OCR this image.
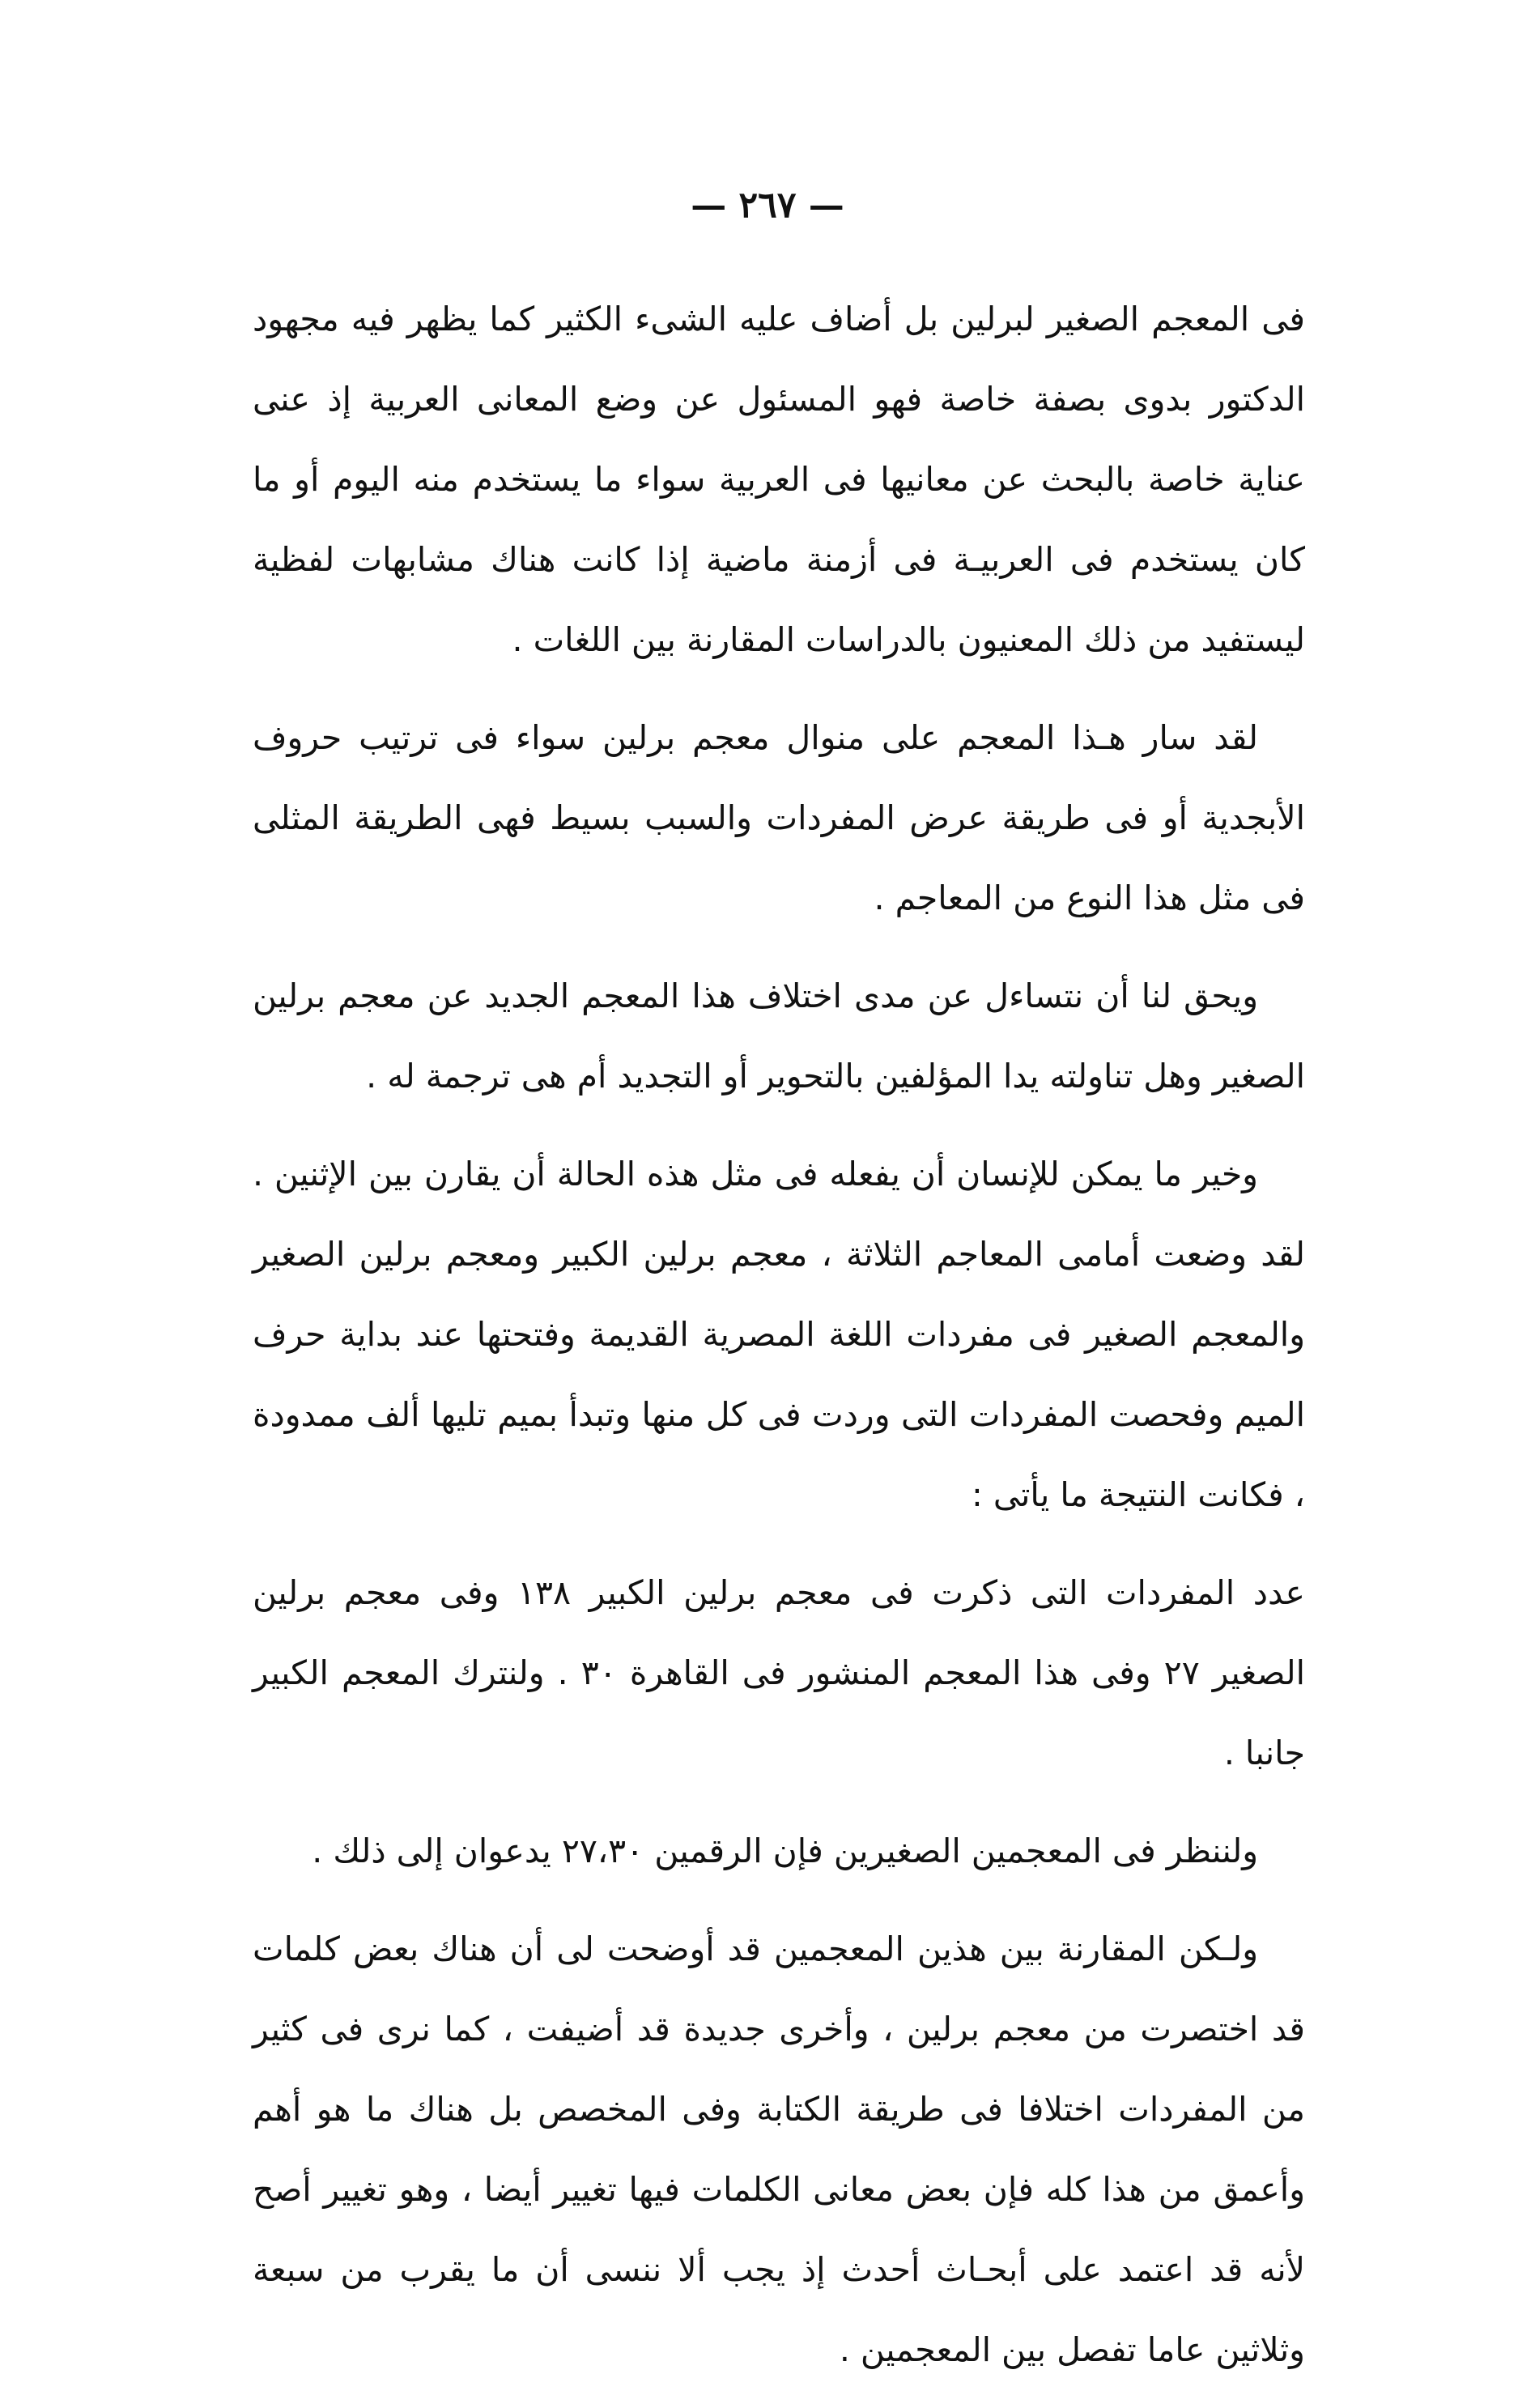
— ٢٦٧ —

فى المعجم الصغير لبرلين بل أضاف عليه الشىء الكثير كما يظهر فيه مجهود الدكتور بدوى بصفة خاصة فهو المسئول عن وضع المعانى العربية إذ عنى عناية خاصة بالبحث عن معانيها فى العربية سواء ما يستخدم منه اليوم أو ما كان يستخدم فى العربيـة فى أزمنة ماضية إذا كانت هناك مشابهات لفظية ليستفيد من ذلك المعنيون بالدراسات المقارنة بين اللغات .

لقد سار هـذا المعجم على منوال معجم برلين سواء فى ترتيب حروف الأبجدية أو فى طريقة عرض المفردات والسبب بسيط فهى الطريقة المثلى فى مثل هذا النوع من المعاجم .

ويحق لنا أن نتساءل عن مدى اختلاف هذا المعجم الجديد عن معجم برلين الصغير وهل تناولته يدا المؤلفين بالتحوير أو التجديد أم هى ترجمة له .

وخير ما يمكن للإنسان أن يفعله فى مثل هذه الحالة أن يقارن بين الإثنين . لقد وضعت أمامى المعاجم الثلاثة ، معجم برلين الكبير ومعجم برلين الصغير والمعجم الصغير فى مفردات اللغة المصرية القديمة وفتحتها عند بداية حرف الميم وفحصت المفردات التى وردت فى كل منها وتبدأ بميم تليها ألف ممدودة ، فكانت النتيجة ما يأتى :

عدد المفردات التى ذكرت فى معجم برلين الكبير ١٣٨ وفى معجم برلين الصغير ٢٧ وفى هذا المعجم المنشور فى القاهرة ٣٠ . ولنترك المعجم الكبير جانبا .

ولننظر فى المعجمين الصغيرين فإن الرقمين ٢٧،٣٠ يدعوان إلى ذلك .

ولـكن المقارنة بين هذين المعجمين قد أوضحت لى أن هناك بعض كلمات قد اختصرت من معجم برلين ، وأخرى جديدة قد أضيفت ، كما نرى فى كثير من المفردات اختلافا فى طريقة الكتابة وفى المخصص بل هناك ما هو أهم وأعمق من هذا كله فإن بعض معانى الكلمات فيها تغيير أيضا ، وهو تغيير أصح لأنه قد اعتمد على أبحـاث أحدث إذ يجب ألا ننسى أن ما يقرب من سبعة وثلاثين عاما تفصل بين المعجمين .
